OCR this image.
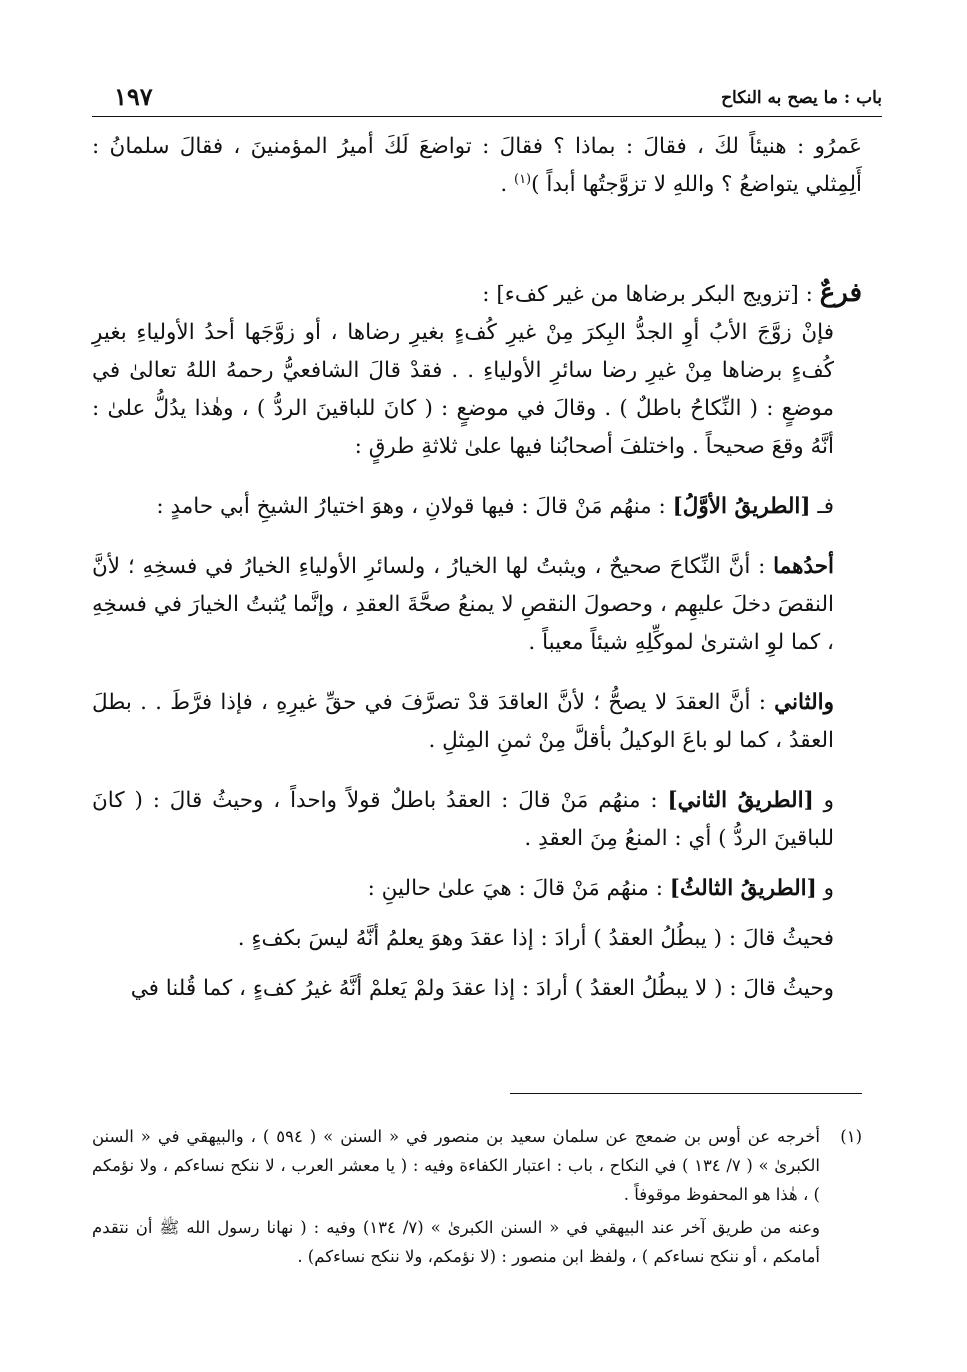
باب : ما يصح به النكاح
١٩٧

عَمرُو : هنيئاً لكَ ، فقالَ : بماذا ؟ فقالَ : تواضعَ لَكَ أميرُ المؤمنينَ ، فقالَ سلمانُ : أَلِمِثلي يتواضعُ ؟ واللهِ لا تزوَّجتُها أبداً )$^{(١)}$ .

فرعٌ : [تزويج البكر برضاها من غير كفء] :

فإنْ زوَّجَ الأبُ أوِ الجدُّ البِكرَ مِنْ غيرِ كُفءٍ بغيرِ رضاها ، أو زوَّجَها أحدُ الأولياءِ بغيرِ كُفءٍ برضاها مِنْ غيرِ رضا سائرِ الأولياءِ . . فقدْ قالَ الشافعيُّ رحمهُ اللهُ تعالىٰ في موضعٍ : ( النِّكاحُ باطلٌ ) . وقالَ في موضعٍ : ( كانَ للباقينَ الردُّ ) ، وهٰذا يدُلُّ علىٰ : أنَّهُ وقعَ صحيحاً . واختلفَ أصحابُنا فيها علىٰ ثلاثةِ طرقٍ :

فـ [الطريقُ الأوَّلُ] : منهُم مَنْ قالَ : فيها قولانِ ، وهوَ اختيارُ الشيخِ أبي حامدٍ :

أحدُهما : أنَّ النِّكاحَ صحيحٌ ، ويثبتُ لها الخيارُ ، ولسائرِ الأولياءِ الخيارُ في فسخِهِ ؛ لأنَّ النقصَ دخلَ عليهِم ، وحصولَ النقصِ لا يمنعُ صحَّةَ العقدِ ، وإنَّما يُثبتُ الخيارَ في فسخِهِ ، كما لوِ اشترىٰ لموكِّلِهِ شيئاً معيباً .

والثاني : أنَّ العقدَ لا يصحُّ ؛ لأنَّ العاقدَ قدْ تصرَّفَ في حقِّ غيرِهِ ، فإذا فرَّطَ . . بطلَ العقدُ ، كما لو باعَ الوكيلُ بأقلَّ مِنْ ثمنِ المِثلِ .

و [الطريقُ الثاني] : منهُم مَنْ قالَ : العقدُ باطلٌ قولاً واحداً ، وحيثُ قالَ : ( كانَ للباقينَ الردُّ ) أي : المنعُ مِنَ العقدِ .

و [الطريقُ الثالثُ] : منهُم مَنْ قالَ : هيَ علىٰ حالينِ :

فحيثُ قالَ : ( يبطُلُ العقدُ ) أرادَ : إذا عقدَ وهوَ يعلمُ أنَّهُ ليسَ بكفءٍ .

وحيثُ قالَ : ( لا يبطُلُ العقدُ ) أرادَ : إذا عقدَ ولمْ يَعلمْ أنَّهُ غيرُ كفءٍ ، كما قُلنا في

(١)
أخرجه عن أوس بن ضمعج عن سلمان سعيد بن منصور في « السنن » ( ٥٩٤ ) ، والبيهقي في « السنن الكبرىٰ » ( ٧/ ١٣٤ ) في النكاح ، باب : اعتبار الكفاءة وفيه : ( يا معشر العرب ، لا ننكح نساءكم ، ولا نؤمكم ) ، هٰذا هو المحفوظ موقوفاً .

وعنه من طريق آخر عند البيهقي في « السنن الكبرىٰ » (٧/ ١٣٤) وفيه : ( نهانا رسول الله ﷺ أن نتقدم أمامكم ، أو ننكح نساءكم ) ، ولفظ ابن منصور : (لا نؤمكم، ولا ننكح نساءكم) .
